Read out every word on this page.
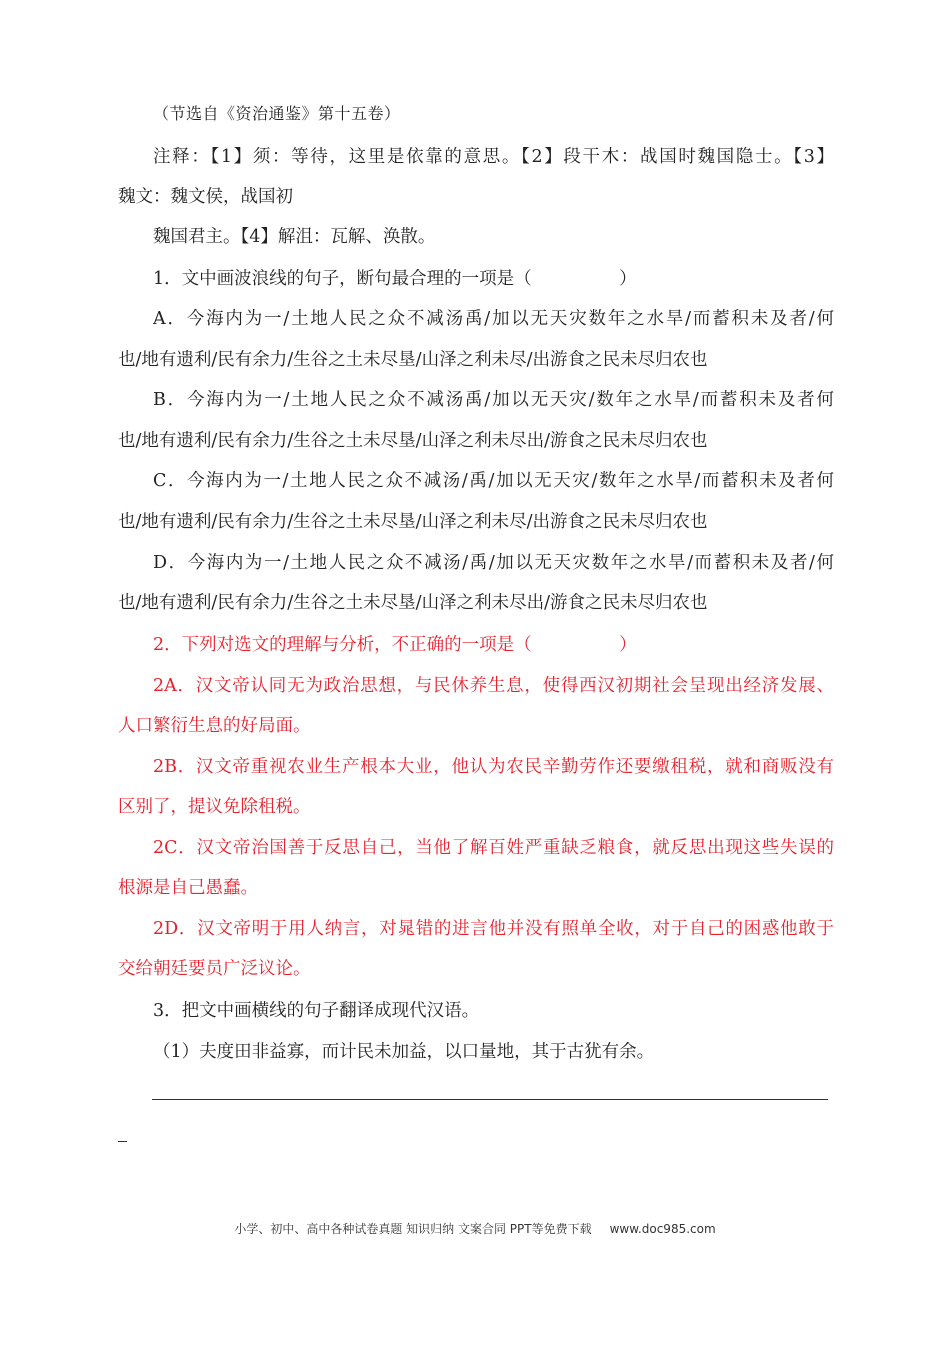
（节选自《资治通鉴》第十五卷）
注释：【1】须：等待，这里是依靠的意思。【2】段干木：战国时魏国隐士。【3】
魏文：魏文侯，战国初
魏国君主。【4】解沮：瓦解、涣散。
1．文中画波浪线的句子，断句最合理的一项是（　　　　　）
A．今海内为一/土地人民之众不减汤禹/加以无天灾数年之水旱/而蓄积未及者/何
也/地有遗利/民有余力/生谷之土未尽垦/山泽之利未尽/出游食之民未尽归农也
B．今海内为一/土地人民之众不减汤禹/加以无天灾/数年之水旱/而蓄积未及者何
也/地有遗利/民有余力/生谷之土未尽垦/山泽之利未尽出/游食之民未尽归农也
C．今海内为一/土地人民之众不减汤/禹/加以无天灾/数年之水旱/而蓄积未及者何
也/地有遗利/民有余力/生谷之土未尽垦/山泽之利未尽/出游食之民未尽归农也
D．今海内为一/土地人民之众不减汤/禹/加以无天灾数年之水旱/而蓄积未及者/何
也/地有遗利/民有余力/生谷之土未尽垦/山泽之利未尽出/游食之民未尽归农也
2．下列对选文的理解与分析，不正确的一项是（　　　　　）
2A．汉文帝认同无为政治思想，与民休养生息，使得西汉初期社会呈现出经济发展、
人口繁衍生息的好局面。
2B．汉文帝重视农业生产根本大业，他认为农民辛勤劳作还要缴租税，就和商贩没有
区别了，提议免除租税。
2C．汉文帝治国善于反思自己，当他了解百姓严重缺乏粮食，就反思出现这些失误的
根源是自己愚蠢。
2D．汉文帝明于用人纳言，对晁错的进言他并没有照单全收，对于自己的困惑他敢于
交给朝廷要员广泛议论。
3．把文中画横线的句子翻译成现代汉语。
（1）夫度田非益寡，而计民未加益，以口量地，其于古犹有余。
小学、初中、高中各种试卷真题 知识归纳 文案合同 PPT等免费下载 www.doc985.com
